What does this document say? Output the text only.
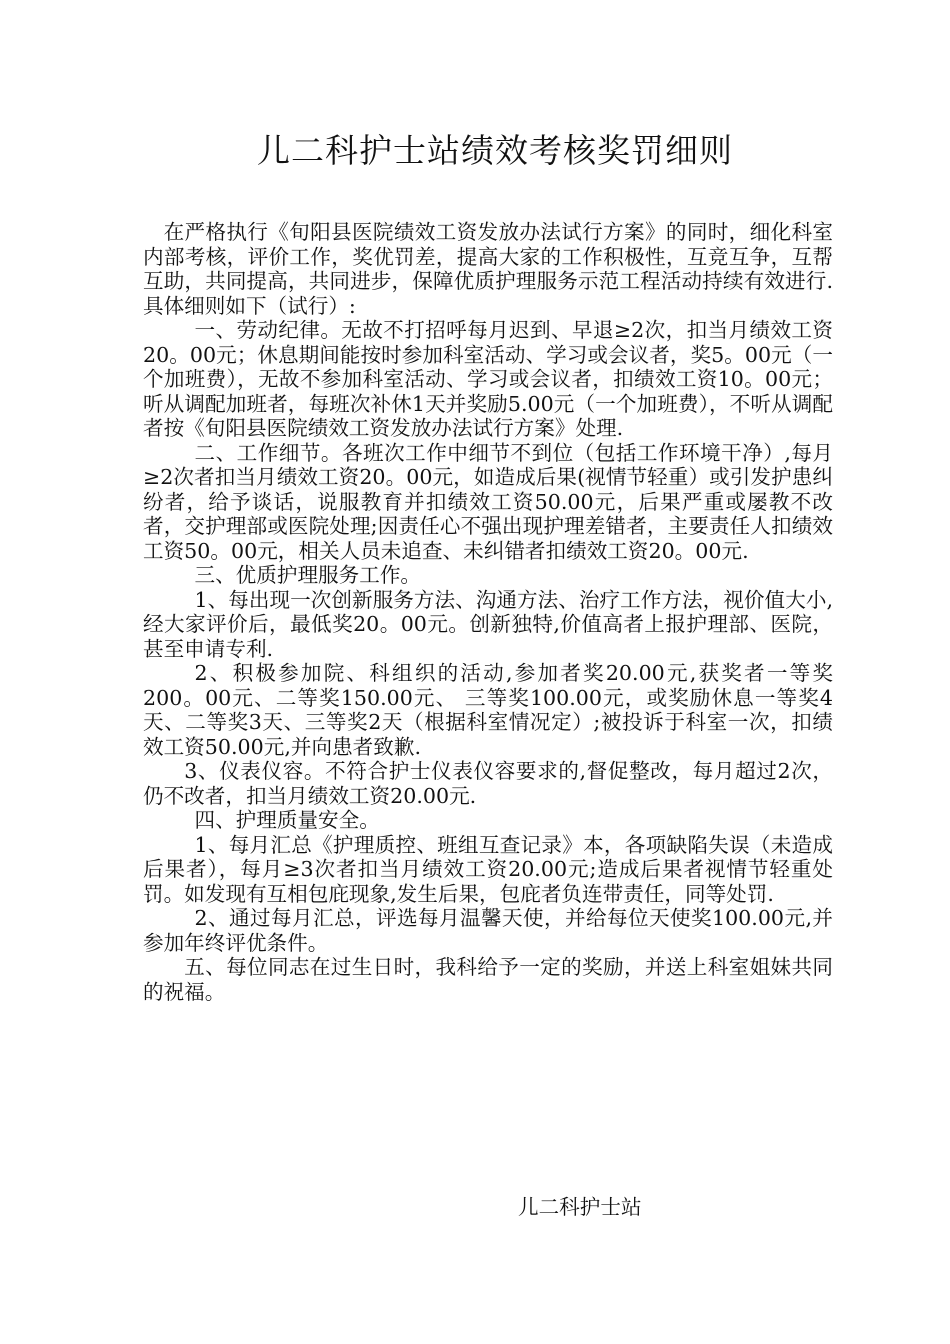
儿二科护士站绩效考核奖罚细则

在严格执行《旬阳县医院绩效工资发放办法试行方案》的同时，细化科室内部考核，评价工作，奖优罚差，提高大家的工作积极性，互竞互争，互帮互助，共同提高，共同进步，保障优质护理服务示范工程活动持续有效进行.具体细则如下（试行）:

一、劳动纪律。无故不打招呼每月迟到、早退≥2次，扣当月绩效工资20。00元；休息期间能按时参加科室活动、学习或会议者，奖5。00元（一个加班费），无故不参加科室活动、学习或会议者，扣绩效工资10。00元；听从调配加班者，每班次补休1天并奖励5.00元（一个加班费），不听从调配者按《旬阳县医院绩效工资发放办法试行方案》处理.

二、工作细节。各班次工作中细节不到位（包括工作环境干净）,每月≥2次者扣当月绩效工资20。00元，如造成后果(视情节轻重）或引发护患纠纷者，给予谈话，说服教育并扣绩效工资50.00元，后果严重或屡教不改者，交护理部或医院处理;因责任心不强出现护理差错者，主要责任人扣绩效工资50。00元，相关人员未追查、未纠错者扣绩效工资20。00元.

三、优质护理服务工作。

1、每出现一次创新服务方法、沟通方法、治疗工作方法，视价值大小,经大家评价后，最低奖20。00元。创新独特,价值高者上报护理部、医院，甚至申请专利.

2、积极参加院、科组织的活动,参加者奖20.00元,获奖者一等奖200。00元、二等奖150.00元、 三等奖100.00元，或奖励休息一等奖4天、二等奖3天、三等奖2天（根据科室情况定）;被投诉于科室一次，扣绩效工资50.00元,并向患者致歉.

3、仪表仪容。不符合护士仪表仪容要求的,督促整改，每月超过2次，仍不改者，扣当月绩效工资20.00元.

四、护理质量安全。

1、每月汇总《护理质控、班组互查记录》本，各项缺陷失误（未造成后果者），每月≥3次者扣当月绩效工资20.00元;造成后果者视情节轻重处罚。如发现有互相包庇现象,发生后果，包庇者负连带责任，同等处罚.

2、通过每月汇总，评选每月温馨天使，并给每位天使奖100.00元,并参加年终评优条件。

五、每位同志在过生日时，我科给予一定的奖励，并送上科室姐妹共同的祝福。

儿二科护士站
